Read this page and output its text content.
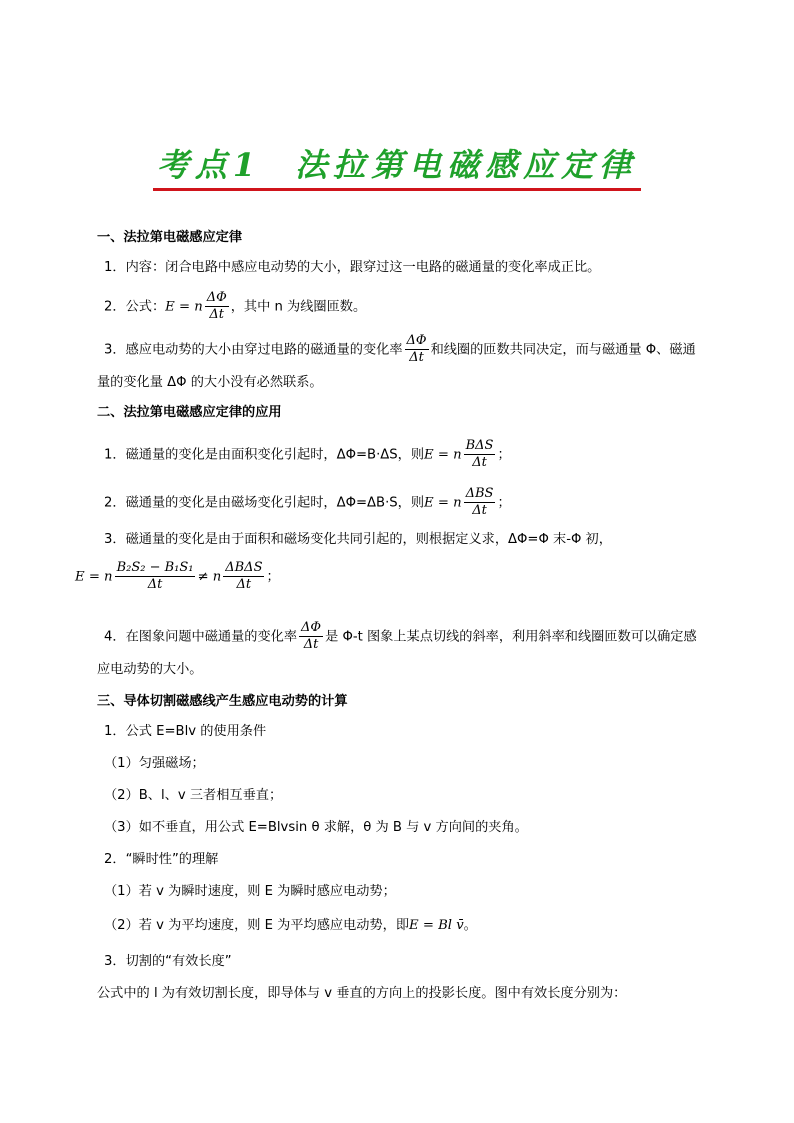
考点1 法拉第电磁感应定律
一、法拉第电磁感应定律
1．内容：闭合电路中感应电动势的大小，跟穿过这一电路的磁通量的变化率成正比。
2．公式：E = n $\frac{\Delta\Phi}{\Delta t}$ ，其中 n 为线圈匝数。
3．感应电动势的大小由穿过电路的磁通量的变化率 $\frac{\Delta\Phi}{\Delta t}$ 和线圈的匝数共同决定，而与磁通量 Φ、磁通
量的变化量 ΔΦ 的大小没有必然联系。
二、法拉第电磁感应定律的应用
1．磁通量的变化是由面积变化引起时，ΔΦ=B·ΔS，则E = n $\frac{\text{BΔS}}{\Delta t}$ ；
2．磁通量的变化是由磁场变化引起时，ΔΦ=ΔB·S，则E = n $\frac{\text{ΔBS}}{\Delta t}$ ；
3．磁通量的变化是由于面积和磁场变化共同引起的，则根据定义求，ΔΦ=Φ 末-Φ 初，
E = n $\frac{\text{B₂S₂ − B₁S₁}}{\Delta t} \ne n \frac{\text{ΔBΔS}}{\Delta t}$ ；
4．在图象问题中磁通量的变化率 $\frac{\Delta\Phi}{\Delta t}$ 是 Φ-t 图象上某点切线的斜率，利用斜率和线圈匝数可以确定感
应电动势的大小。
三、导体切割磁感线产生感应电动势的计算
1．公式 E=Blv 的使用条件
（1）匀强磁场；
（2）B、l、v 三者相互垂直；
（3）如不垂直，用公式 E=Blvsin θ 求解，θ 为 B 与 v 方向间的夹角。
2．“瞬时性”的理解
（1）若 v 为瞬时速度，则 E 为瞬时感应电动势；
（2）若 v 为平均速度，则 E 为平均感应电动势，即E = Bl v̄。
3．切割的“有效长度”
公式中的 l 为有效切割长度，即导体与 v 垂直的方向上的投影长度。图中有效长度分别为：
